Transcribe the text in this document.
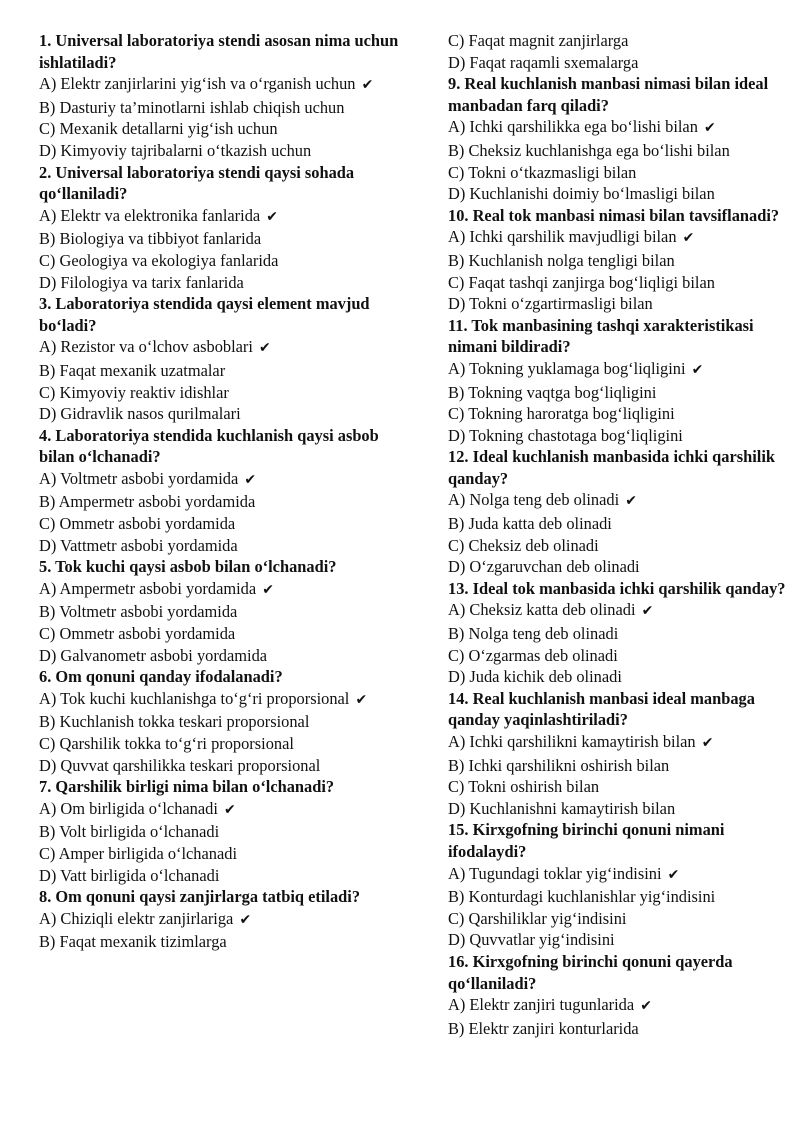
1. Universal laboratoriya stendi asosan nima uchun ishlatiladi?

A) Elektr zanjirlarini yig‘ish va o‘rganish uchun ✔

B) Dasturiy ta’minotlarni ishlab chiqish uchun

C) Mexanik detallarni yig‘ish uchun

D) Kimyoviy tajribalarni o‘tkazish uchun

2. Universal laboratoriya stendi qaysi sohada qo‘llaniladi?

A) Elektr va elektronika fanlarida ✔

B) Biologiya va tibbiyot fanlarida

C) Geologiya va ekologiya fanlarida

D) Filologiya va tarix fanlarida

3. Laboratoriya stendida qaysi element mavjud bo‘ladi?

A) Rezistor va o‘lchov asboblari ✔

B) Faqat mexanik uzatmalar

C) Kimyoviy reaktiv idishlar

D) Gidravlik nasos qurilmalari

4. Laboratoriya stendida kuchlanish qaysi asbob bilan o‘lchanadi?

A) Voltmetr asbobi yordamida ✔

B) Ampermetr asbobi yordamida

C) Ommetr asbobi yordamida

D) Vattmetr asbobi yordamida

5. Tok kuchi qaysi asbob bilan o‘lchanadi?

A) Ampermetr asbobi yordamida ✔

B) Voltmetr asbobi yordamida

C) Ommetr asbobi yordamida

D) Galvanometr asbobi yordamida

6. Om qonuni qanday ifodalanadi?

A) Tok kuchi kuchlanishga to‘g‘ri proporsional ✔

B) Kuchlanish tokka teskari proporsional

C) Qarshilik tokka to‘g‘ri proporsional

D) Quvvat qarshilikka teskari proporsional

7. Qarshilik birligi nima bilan o‘lchanadi?

A) Om birligida o‘lchanadi ✔

B) Volt birligida o‘lchanadi

C) Amper birligida o‘lchanadi

D) Vatt birligida o‘lchanadi

8. Om qonuni qaysi zanjirlarga tatbiq etiladi?

A) Chiziqli elektr zanjirlariga ✔

B) Faqat mexanik tizimlarga

C) Faqat magnit zanjirlarga

D) Faqat raqamli sxemalarga

9. Real kuchlanish manbasi nimasi bilan ideal manbadan farq qiladi?

A) Ichki qarshilikka ega bo‘lishi bilan ✔

B) Cheksiz kuchlanishga ega bo‘lishi bilan

C) Tokni o‘tkazmasligi bilan

D) Kuchlanishi doimiy bo‘lmasligi bilan

10. Real tok manbasi nimasi bilan tavsiflanadi?

A) Ichki qarshilik mavjudligi bilan ✔

B) Kuchlanish nolga tengligi bilan

C) Faqat tashqi zanjirga bog‘liqligi bilan

D) Tokni o‘zgartirmasligi bilan

11. Tok manbasining tashqi xarakteristikasi nimani bildiradi?

A) Tokning yuklamaga bog‘liqligini ✔

B) Tokning vaqtga bog‘liqligini

C) Tokning haroratga bog‘liqligini

D) Tokning chastotaga bog‘liqligini

12. Ideal kuchlanish manbasida ichki qarshilik qanday?

A) Nolga teng deb olinadi ✔

B) Juda katta deb olinadi

C) Cheksiz deb olinadi

D) O‘zgaruvchan deb olinadi

13. Ideal tok manbasida ichki qarshilik qanday?

A) Cheksiz katta deb olinadi ✔

B) Nolga teng deb olinadi

C) O‘zgarmas deb olinadi

D) Juda kichik deb olinadi

14. Real kuchlanish manbasi ideal manbaga qanday yaqinlashtiriladi?

A) Ichki qarshilikni kamaytirish bilan ✔

B) Ichki qarshilikni oshirish bilan

C) Tokni oshirish bilan

D) Kuchlanishni kamaytirish bilan

15. Kirxgofning birinchi qonuni nimani ifodalaydi?

A) Tugundagi toklar yig‘indisini ✔

B) Konturdagi kuchlanishlar yig‘indisini

C) Qarshiliklar yig‘indisini

D) Quvvatlar yig‘indisini

16. Kirxgofning birinchi qonuni qayerda qo‘llaniladi?

A) Elektr zanjiri tugunlarida ✔

B) Elektr zanjiri konturlarida
